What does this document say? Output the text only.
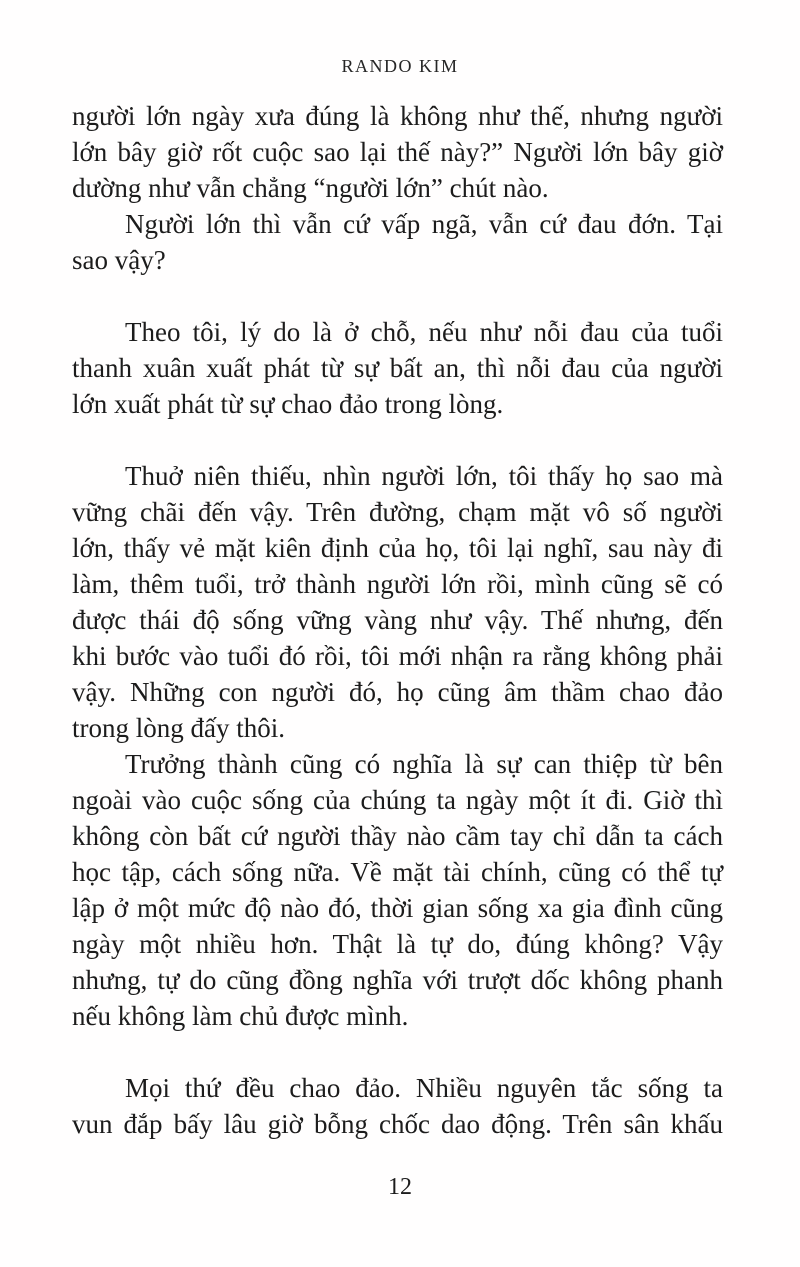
RANDO KIM

người lớn ngày xưa đúng là không như thế, nhưng người
lớn bây giờ rốt cuộc sao lại thế này?” Người lớn bây giờ
dường như vẫn chẳng “người lớn” chút nào.

Người lớn thì vẫn cứ vấp ngã, vẫn cứ đau đớn. Tại
sao vậy?

Theo tôi, lý do là ở chỗ, nếu như nỗi đau của tuổi
thanh xuân xuất phát từ sự bất an, thì nỗi đau của người
lớn xuất phát từ sự chao đảo trong lòng.

Thuở niên thiếu, nhìn người lớn, tôi thấy họ sao mà
vững chãi đến vậy. Trên đường, chạm mặt vô số người
lớn, thấy vẻ mặt kiên định của họ, tôi lại nghĩ, sau này đi
làm, thêm tuổi, trở thành người lớn rồi, mình cũng sẽ có
được thái độ sống vững vàng như vậy. Thế nhưng, đến
khi bước vào tuổi đó rồi, tôi mới nhận ra rằng không phải
vậy. Những con người đó, họ cũng âm thầm chao đảo
trong lòng đấy thôi.

Trưởng thành cũng có nghĩa là sự can thiệp từ bên
ngoài vào cuộc sống của chúng ta ngày một ít đi. Giờ thì
không còn bất cứ người thầy nào cầm tay chỉ dẫn ta cách
học tập, cách sống nữa. Về mặt tài chính, cũng có thể tự
lập ở một mức độ nào đó, thời gian sống xa gia đình cũng
ngày một nhiều hơn. Thật là tự do, đúng không? Vậy
nhưng, tự do cũng đồng nghĩa với trượt dốc không phanh
nếu không làm chủ được mình.

Mọi thứ đều chao đảo. Nhiều nguyên tắc sống ta
vun đắp bấy lâu giờ bỗng chốc dao động. Trên sân khấu

12
